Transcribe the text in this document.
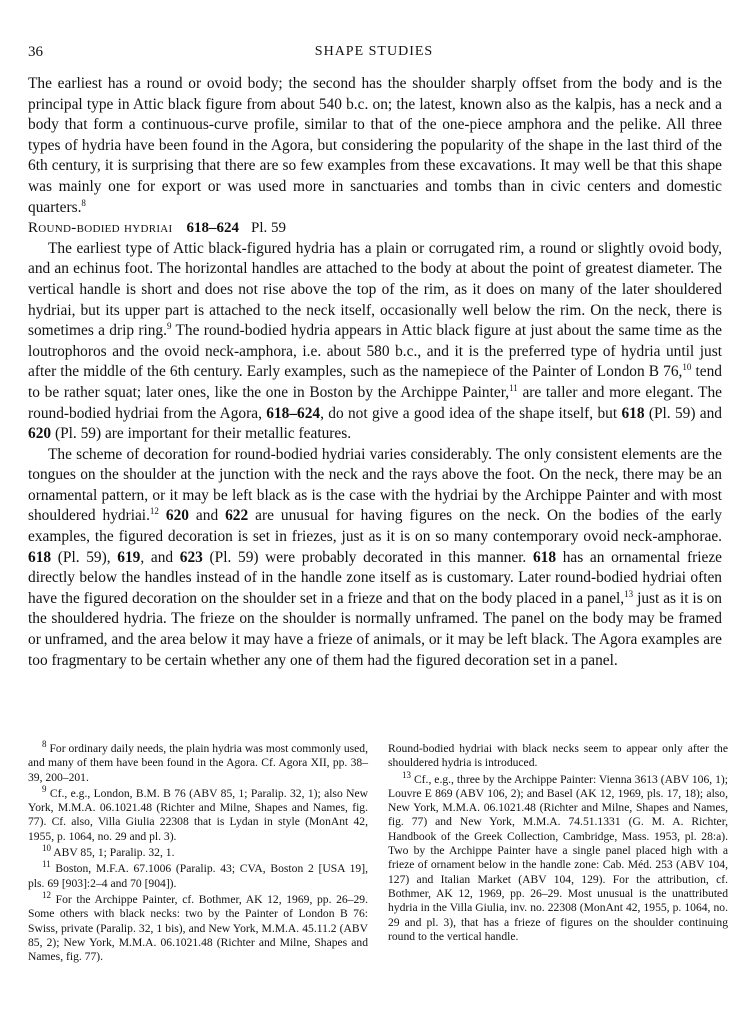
36	SHAPE STUDIES

The earliest has a round or ovoid body; the second has the shoulder sharply offset from the body and is the principal type in Attic black figure from about 540 b.c. on; the latest, known also as the kalpis, has a neck and a body that form a continuous-curve profile, similar to that of the one-piece amphora and the pelike. All three types of hydria have been found in the Agora, but considering the popularity of the shape in the last third of the 6th century, it is surprising that there are so few examples from these excavations. It may well be that this shape was mainly one for export or was used more in sanctuaries and tombs than in civic centers and domestic quarters.$^8$

Round-bodied hydriai 618–624 Pl. 59

The earliest type of Attic black-figured hydria has a plain or corrugated rim, a round or slightly ovoid body, and an echinus foot. The horizontal handles are attached to the body at about the point of greatest diameter. The vertical handle is short and does not rise above the top of the rim, as it does on many of the later shouldered hydriai, but its upper part is attached to the neck itself, occasionally well below the rim. On the neck, there is sometimes a drip ring.$^9$ The round-bodied hydria appears in Attic black figure at just about the same time as the loutrophoros and the ovoid neck-amphora, i.e. about 580 b.c., and it is the preferred type of hydria until just after the middle of the 6th century. Early examples, such as the namepiece of the Painter of London B 76,10 tend to be rather squat; later ones, like the one in Boston by the Archippe Painter,$^{11}$ are taller and more elegant. The round-bodied hydriai from the Agora, 618–624, do not give a good idea of the shape itself, but 618 (Pl. 59) and 620 (Pl. 59) are important for their metallic features.

The scheme of decoration for round-bodied hydriai varies considerably. The only consistent elements are the tongues on the shoulder at the junction with the neck and the rays above the foot. On the neck, there may be an ornamental pattern, or it may be left black as is the case with the hydriai by the Archippe Painter and with most shouldered hydriai.$^{12}$ 620 and 622 are unusual for having figures on the neck. On the bodies of the early examples, the figured decoration is set in friezes, just as it is on so many contemporary ovoid neck-amphorae. 618 (Pl. 59), 619, and 623 (Pl. 59) were probably decorated in this manner. 618 has an ornamental frieze directly below the handles instead of in the handle zone itself as is customary. Later round-bodied hydriai often have the figured decoration on the shoulder set in a frieze and that on the body placed in a panel,$^{13}$ just as it is on the shouldered hydria. The frieze on the shoulder is normally unframed. The panel on the body may be framed or unframed, and the area below it may have a frieze of animals, or it may be left black. The Agora examples are too fragmentary to be certain whether any one of them had the figured decoration set in a panel.

$^8$ For ordinary daily needs, the plain hydria was most commonly used, and many of them have been found in the Agora. Cf. Agora XII, pp. 38–39, 200–201.

$^9$ Cf., e.g., London, B.M. B 76 (ABV 85, 1; Paralip. 32, 1); also New York, M.M.A. 06.1021.48 (Richter and Milne, Shapes and Names, fig. 77). Cf. also, Villa Giulia 22308 that is Lydan in style (MonAnt 42, 1955, p. 1064, no. 29 and pl. 3).

$^{10}$ ABV 85, 1; Paralip. 32, 1.

$^{11}$ Boston, M.F.A. 67.1006 (Paralip. 43; CVA, Boston 2 [USA 19], pls. 69 [903]:2–4 and 70 [904]).

$^{12}$ For the Archippe Painter, cf. Bothmer, AK 12, 1969, pp. 26–29. Some others with black necks: two by the Painter of London B 76: Swiss, private (Paralip. 32, 1 bis), and New York, M.M.A. 45.11.2 (ABV 85, 2); New York, M.M.A. 06.1021.48 (Richter and Milne, Shapes and Names, fig. 77).

Round-bodied hydriai with black necks seem to appear only after the shouldered hydria is introduced.

$^{13}$ Cf., e.g., three by the Archippe Painter: Vienna 3613 (ABV 106, 1); Louvre E 869 (ABV 106, 2); and Basel (AK 12, 1969, pls. 17, 18); also, New York, M.M.A. 06.1021.48 (Richter and Milne, Shapes and Names, fig. 77) and New York, M.M.A. 74.51.1331 (G. M. A. Richter, Handbook of the Greek Collection, Cambridge, Mass. 1953, pl. 28:a). Two by the Archippe Painter have a single panel placed high with a frieze of ornament below in the handle zone: Cab. Méd. 253 (ABV 104, 127) and Italian Market (ABV 104, 129). For the attribution, cf. Bothmer, AK 12, 1969, pp. 26–29. Most unusual is the unattributed hydria in the Villa Giulia, inv. no. 22308 (MonAnt 42, 1955, p. 1064, no. 29 and pl. 3), that has a frieze of figures on the shoulder continuing round to the vertical handle.
